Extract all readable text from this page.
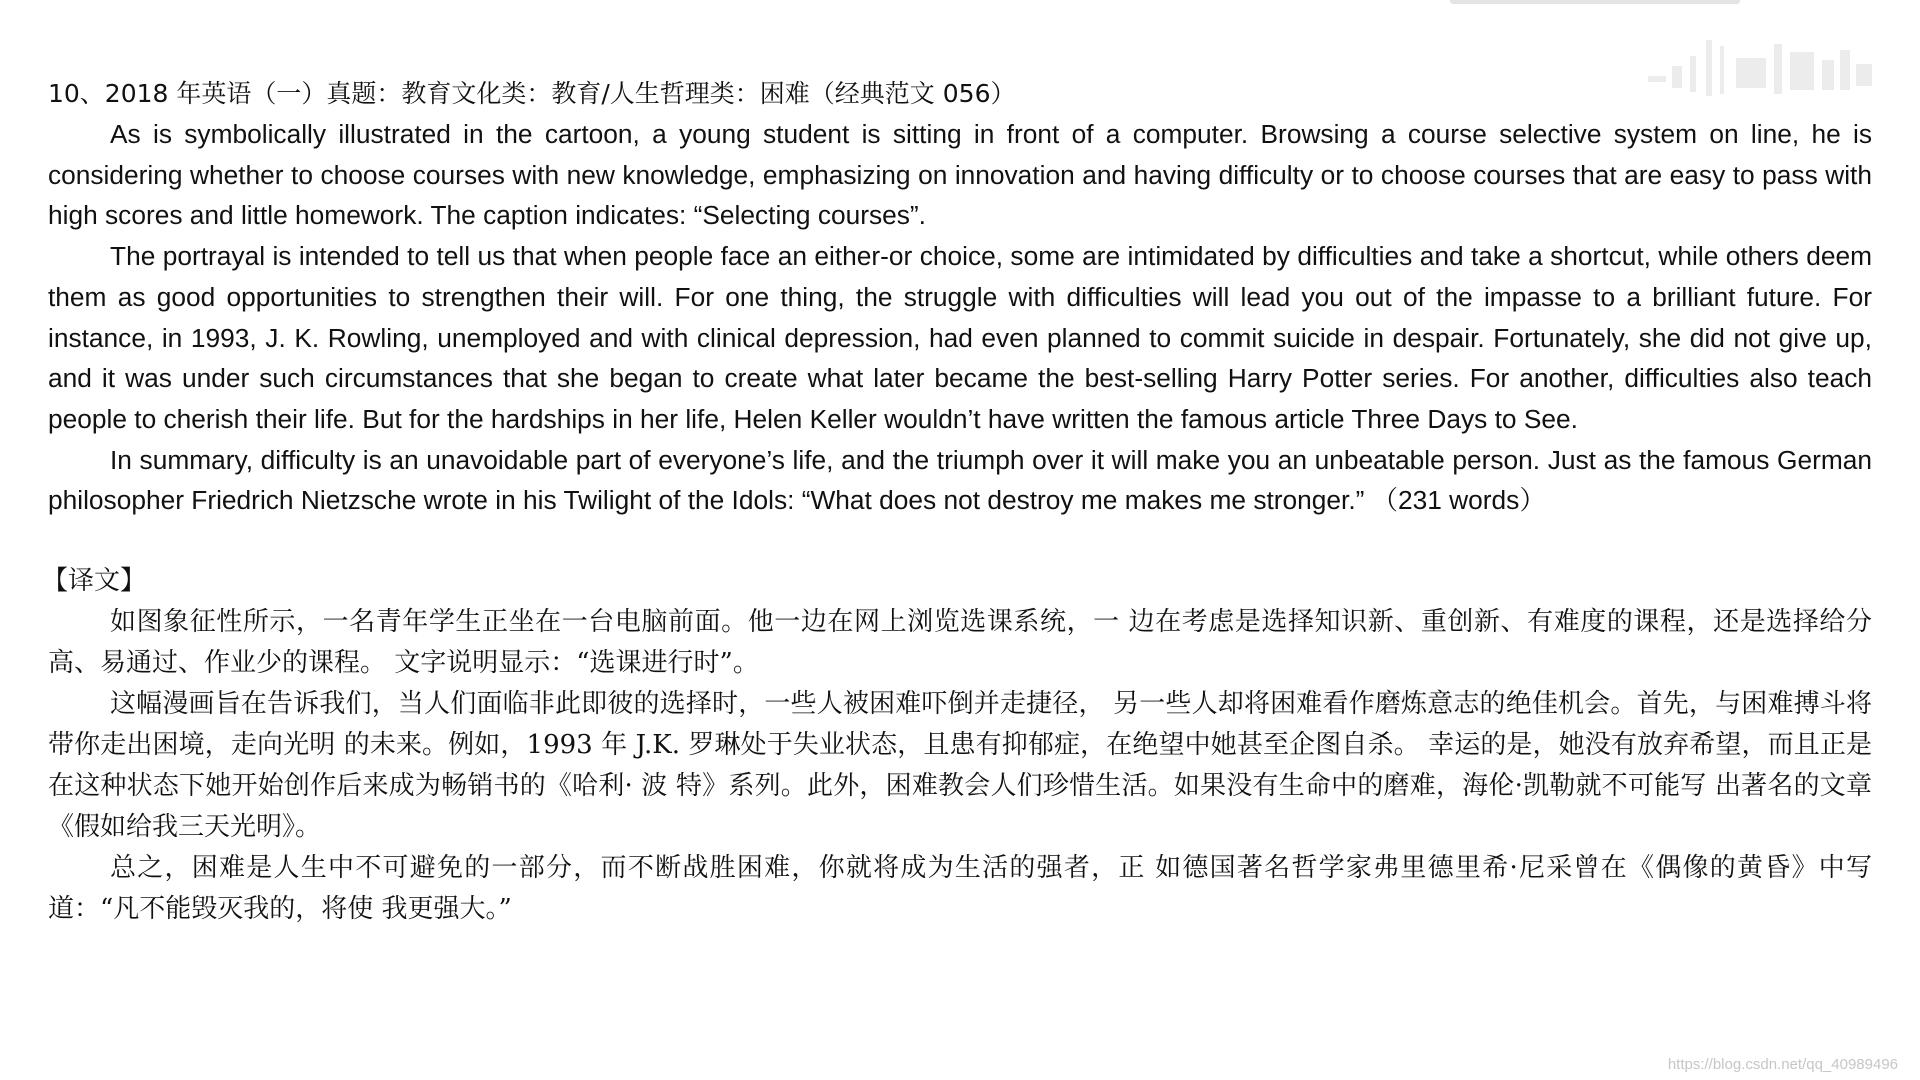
10、2018 年英语（一）真题：教育文化类：教育/人生哲理类：困难（经典范文 056）

As is symbolically illustrated in the cartoon, a young student is sitting in front of a computer. Browsing a course selective system on line, he is considering whether to choose courses with new knowledge, emphasizing on innovation and having difficulty or to choose courses that are easy to pass with high scores and little homework. The caption indicates: “Selecting courses”.

The portrayal is intended to tell us that when people face an either-or choice, some are intimidated by difficulties and take a shortcut, while others deem them as good opportunities to strengthen their will. For one thing, the struggle with difficulties will lead you out of the impasse to a brilliant future. For instance, in 1993, J. K. Rowling, unemployed and with clinical depression, had even planned to commit suicide in despair. Fortunately, she did not give up, and it was under such circumstances that she began to create what later became the best-selling Harry Potter series. For another, difficulties also teach people to cherish their life. But for the hardships in her life, Helen Keller wouldn’t have written the famous article Three Days to See.

In summary, difficulty is an unavoidable part of everyone’s life, and the triumph over it will make you an unbeatable person. Just as the famous German philosopher Friedrich Nietzsche wrote in his Twilight of the Idols: “What does not destroy me makes me stronger.” （231 words）

【译文】

如图象征性所示，一名青年学生正坐在一台电脑前面。他一边在网上浏览选课系统，一 边在考虑是选择知识新、重创新、有难度的课程，还是选择给分高、易通过、作业少的课程。 文字说明显示：“选课进行时”。

这幅漫画旨在告诉我们，当人们面临非此即彼的选择时，一些人被困难吓倒并走捷径， 另一些人却将困难看作磨炼意志的绝佳机会。首先，与困难搏斗将带你走出困境，走向光明 的未来。例如，1993 年 J.K. 罗琳处于失业状态，且患有抑郁症，在绝望中她甚至企图自杀。 幸运的是，她没有放弃希望，而且正是在这种状态下她开始创作后来成为畅销书的《哈利· 波 特》系列。此外，困难教会人们珍惜生活。如果没有生命中的磨难，海伦·凯勒就不可能写 出著名的文章《假如给我三天光明》。

总之，困难是人生中不可避免的一部分，而不断战胜困难，你就将成为生活的强者，正 如德国著名哲学家弗里德里希·尼采曾在《偶像的黄昏》中写道：“凡不能毁灭我的，将使 我更强大。”

https://blog.csdn.net/qq_40989496
